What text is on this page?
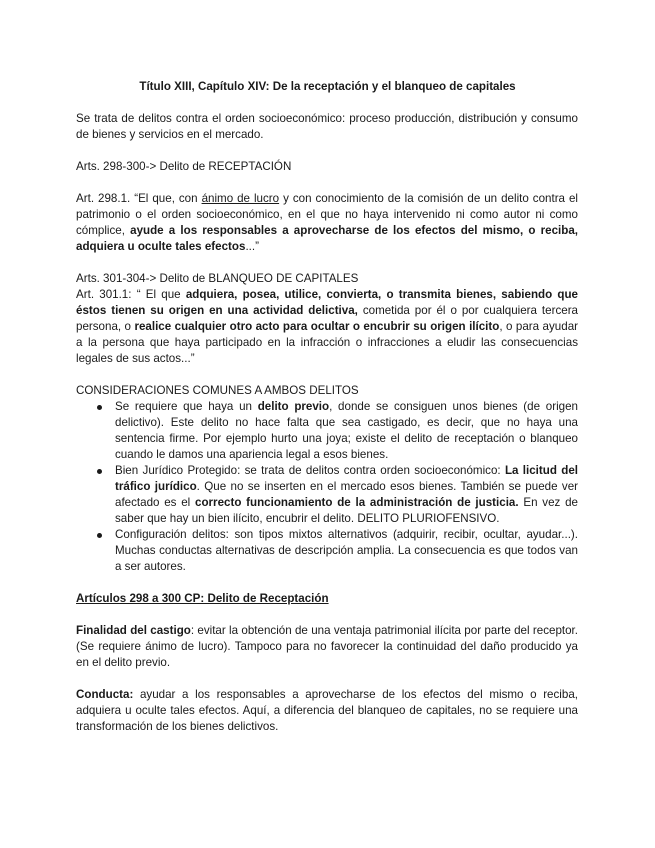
Título XIII, Capítulo XIV: De la receptación y el blanqueo de capitales

Se trata de delitos contra el orden socioeconómico: proceso producción, distribución y consumo de bienes y servicios en el mercado.

Arts. 298-300-> Delito de RECEPTACIÓN

Art. 298.1. “El que, con ánimo de lucro y con conocimiento de la comisión de un delito contra el patrimonio o el orden socioeconómico, en el que no haya intervenido ni como autor ni como cómplice, ayude a los responsables a aprovecharse de los efectos del mismo, o reciba, adquiera u oculte tales efectos...”

Arts. 301-304-> Delito de BLANQUEO DE CAPITALES

Art. 301.1: “ El que adquiera, posea, utilice, convierta, o transmita bienes, sabiendo que éstos tienen su origen en una actividad delictiva, cometida por él o por cualquiera tercera persona, o realice cualquier otro acto para ocultar o encubrir su origen ilícito, o para ayudar a la persona que haya participado en la infracción o infracciones a eludir las consecuencias legales de sus actos...”

CONSIDERACIONES COMUNES A AMBOS DELITOS

Se requiere que haya un delito previo, donde se consiguen unos bienes (de origen delictivo). Este delito no hace falta que sea castigado, es decir, que no haya una sentencia firme. Por ejemplo hurto una joya; existe el delito de receptación o blanqueo cuando le damos una apariencia legal a esos bienes.
Bien Jurídico Protegido: se trata de delitos contra orden socioeconómico: La licitud del tráfico jurídico. Que no se inserten en el mercado esos bienes. También se puede ver afectado es el correcto funcionamiento de la administración de justicia. En vez de saber que hay un bien ilícito, encubrir el delito. DELITO PLURIOFENSIVO.
Configuración delitos: son tipos mixtos alternativos (adquirir, recibir, ocultar, ayudar...). Muchas conductas alternativas de descripción amplia. La consecuencia es que todos van a ser autores.

Artículos 298 a 300 CP: Delito de Receptación

Finalidad del castigo: evitar la obtención de una ventaja patrimonial ilícita por parte del receptor. (Se requiere ánimo de lucro). Tampoco para no favorecer la continuidad del daño producido ya en el delito previo.

Conducta: ayudar a los responsables a aprovecharse de los efectos del mismo o reciba, adquiera u oculte tales efectos. Aquí, a diferencia del blanqueo de capitales, no se requiere una transformación de los bienes delictivos.
